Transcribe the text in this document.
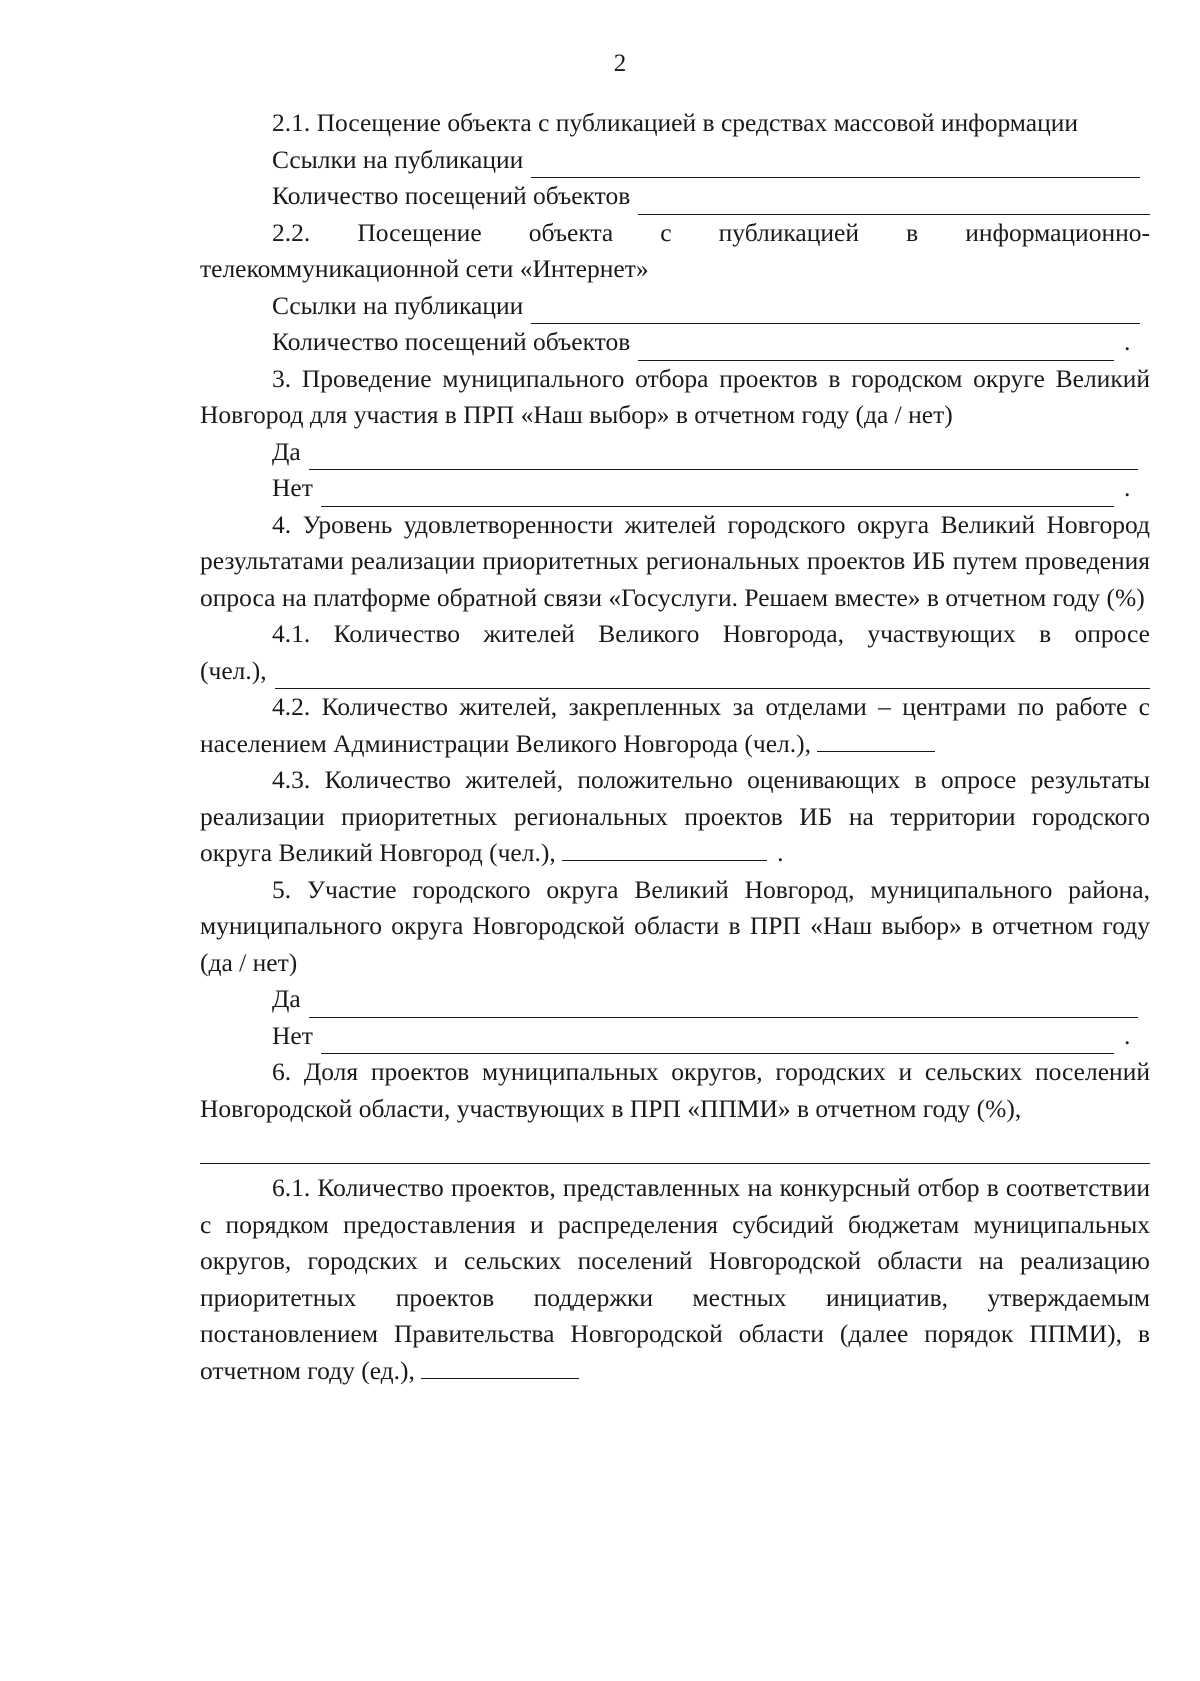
2

2.1. Посещение объекта с публикацией в средствах массовой информации

Ссылки на публикации
Количество посещений объектов

2.2. Посещение объекта с публикацией в информационно-телекоммуникационной сети «Интернет»

Ссылки на публикации
Количество посещений объектов	.

3. Проведение муниципального отбора проектов в городском округе Великий Новгород для участия в ПРП «Наш выбор» в отчетном году (да / нет)

Да
Нет	.

4. Уровень удовлетворенности жителей городского округа Великий Новгород результатами реализации приоритетных региональных проектов ИБ путем проведения опроса на платформе обратной связи «Госуслуги. Решаем вместе» в отчетном году (%)

4.1. Количество жителей Великого Новгорода, участвующих в опросе

(чел.),

4.2. Количество жителей, закрепленных за отделами – центрами по работе с населением Администрации Великого Новгорода (чел.),

4.3. Количество жителей, положительно оценивающих в опросе результаты реализации приоритетных региональных проектов ИБ на территории городского округа Великий Новгород (чел.),	.

5. Участие городского округа Великий Новгород, муниципального района, муниципального округа Новгородской области в ПРП «Наш выбор» в отчетном году (да / нет)

Да
Нет	.

6. Доля проектов муниципальных округов, городских и сельских поселений Новгородской области, участвующих в ПРП «ППМИ» в отчетном году (%),

6.1. Количество проектов, представленных на конкурсный отбор в соответствии с порядком предоставления и распределения субсидий бюджетам муниципальных округов, городских и сельских поселений Новгородской области на реализацию приоритетных проектов поддержки местных инициатив, утверждаемым постановлением Правительства Новгородской области (далее порядок ППМИ), в отчетном году (ед.),
